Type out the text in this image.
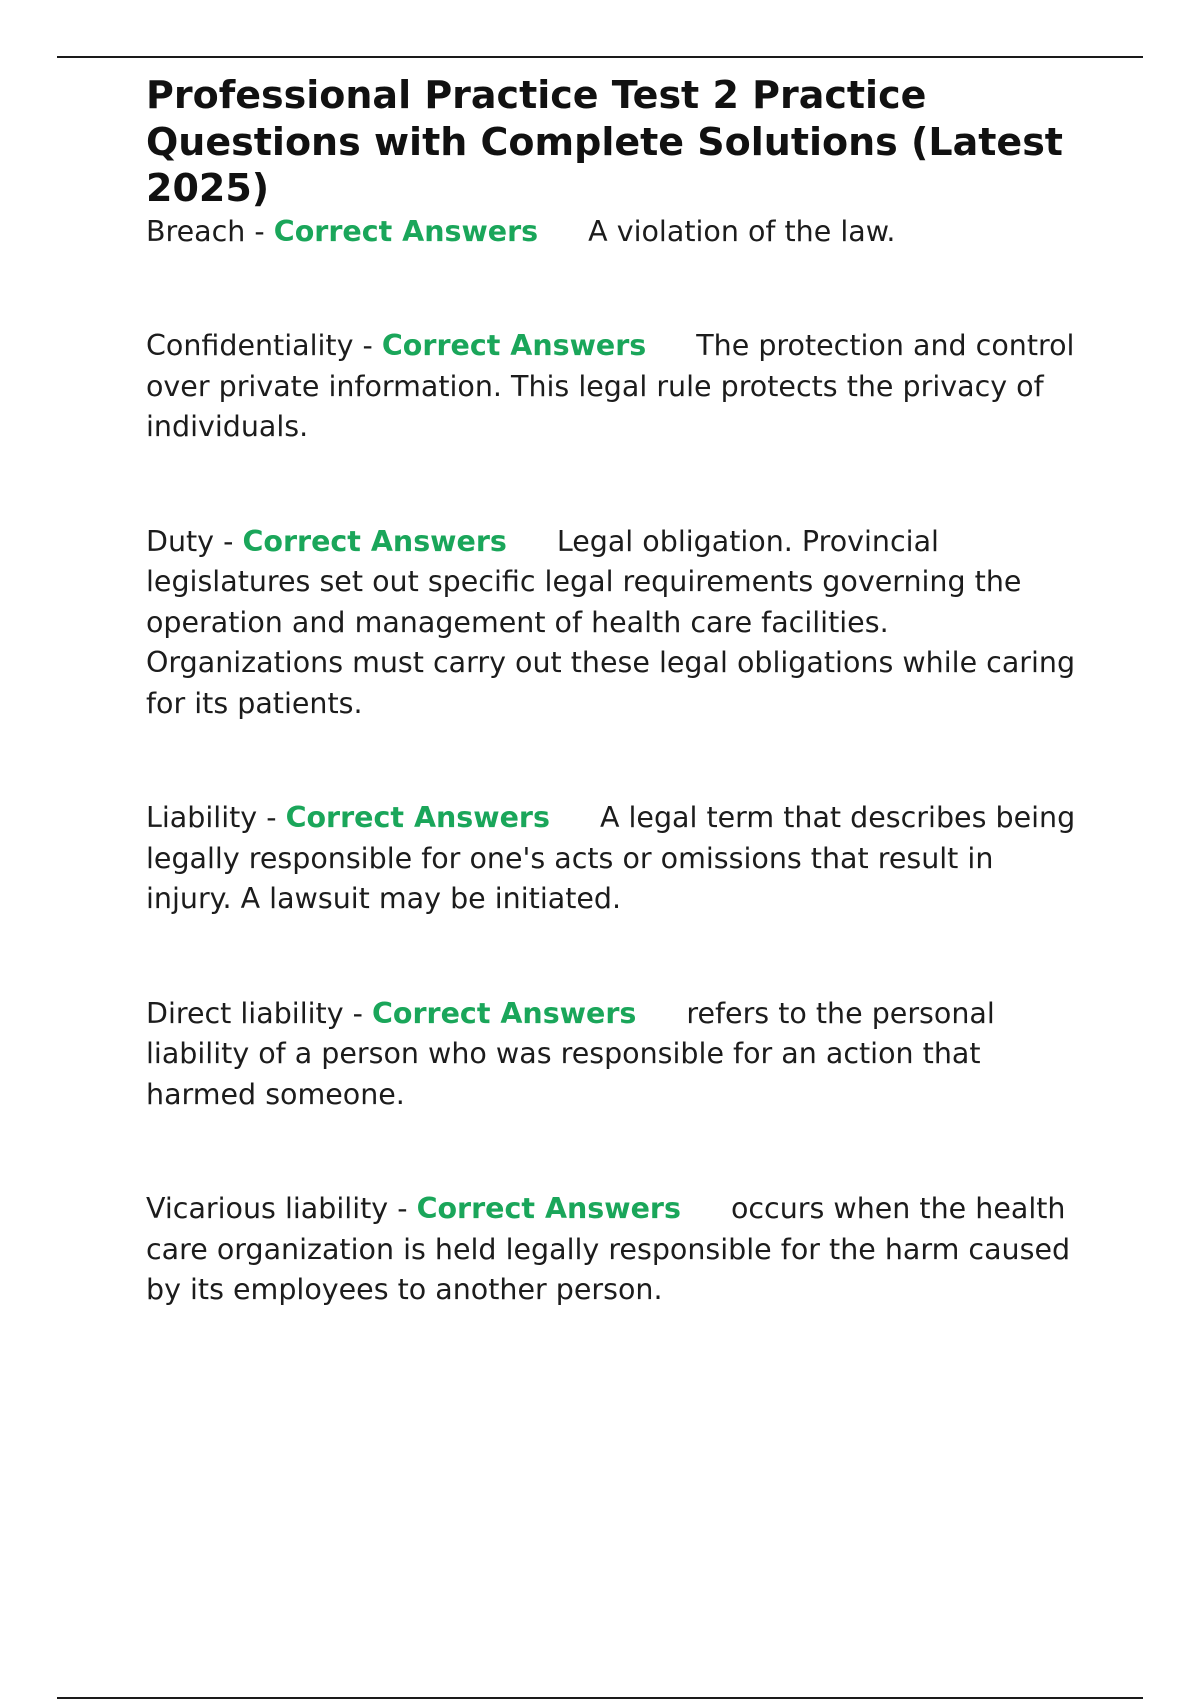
Professional Practice Test 2 Practice Questions with Complete Solutions (Latest 2025)

Breach - Correct Answers A violation of the law.

Confidentiality - Correct Answers The protection and control over private information. This legal rule protects the privacy of individuals.

Duty - Correct Answers Legal obligation. Provincial legislatures set out specific legal requirements governing the operation and management of health care facilities. Organizations must carry out these legal obligations while caring for its patients.

Liability - Correct Answers A legal term that describes being legally responsible for one's acts or omissions that result in injury. A lawsuit may be initiated.

Direct liability - Correct Answers refers to the personal liability of a person who was responsible for an action that harmed someone.

Vicarious liability - Correct Answers occurs when the health care organization is held legally responsible for the harm caused by its employees to another person.
